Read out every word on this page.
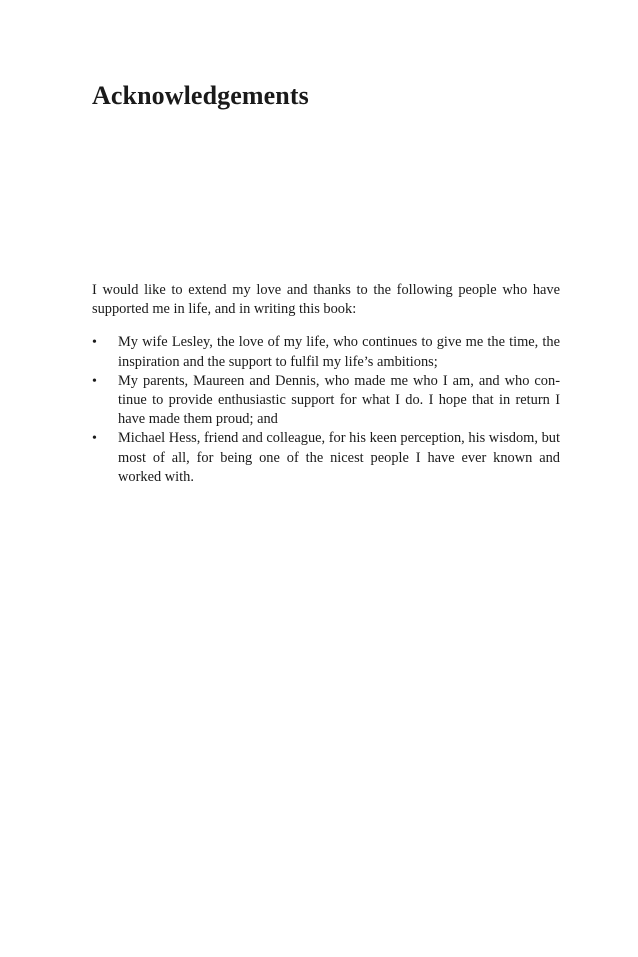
Acknowledgements

I would like to extend my love and thanks to the following people who have supported me in life, and in writing this book:

•	My wife Lesley, the love of my life, who continues to give me the time, the inspiration and the support to fulfil my life’s ambitions;
•	My parents, Maureen and Dennis, who made me who I am, and who continue to provide enthusiastic support for what I do. I hope that in return I have made them proud; and
•	Michael Hess, friend and colleague, for his keen perception, his wisdom, but most of all, for being one of the nicest people I have ever known and worked with.
